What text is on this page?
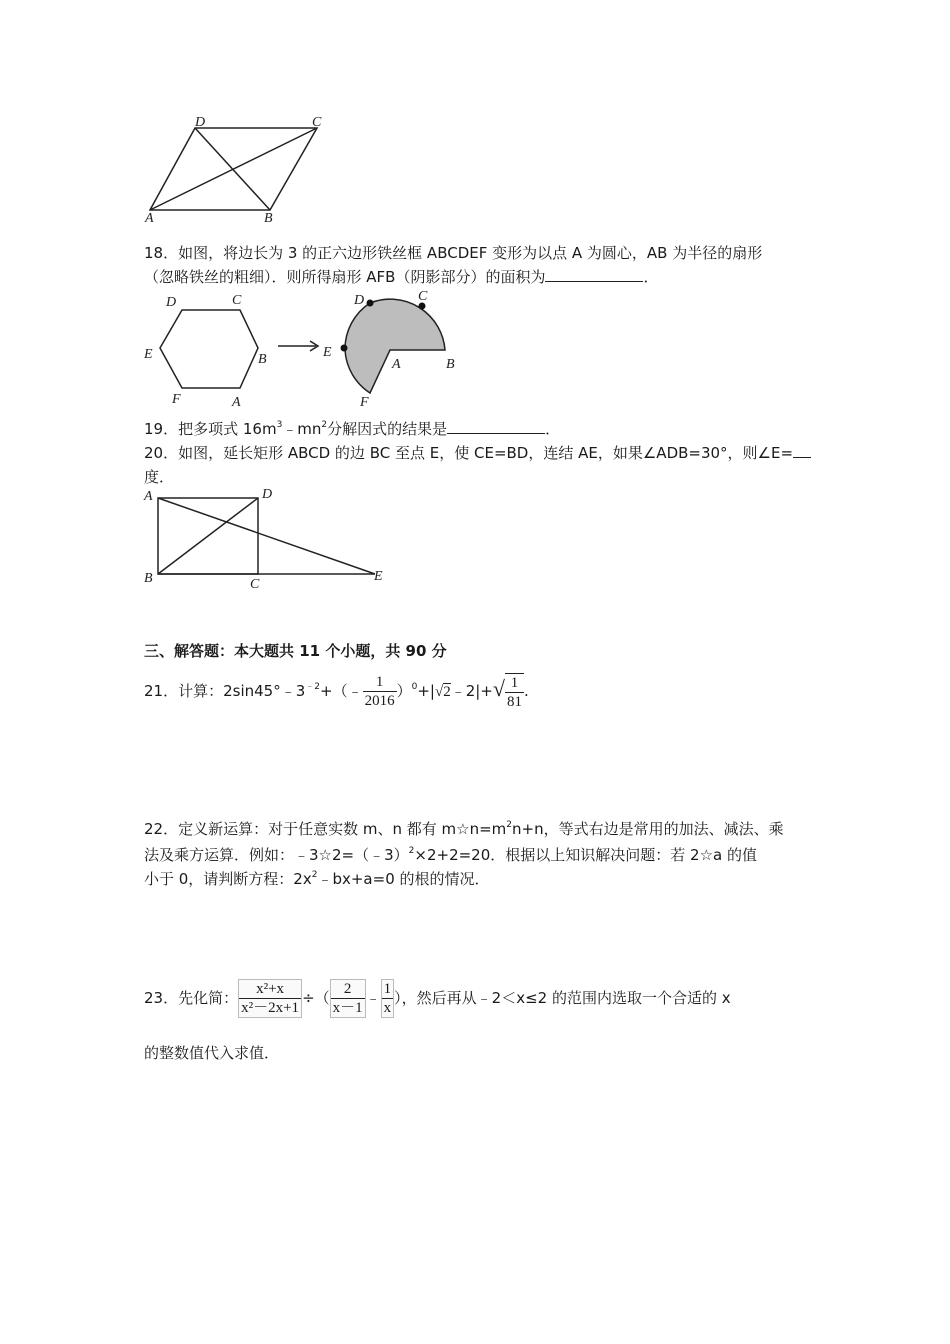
D	C
A	B
18．如图，将边长为 3 的正六边形铁丝框 ABCDEF 变形为以点 A 为圆心，AB 为半径的扇形
（忽略铁丝的粗细）．则所得扇形 AFB（阴影部分）的面积为	．
D	C
E	B
F	A
D	C
E
A	B
F
19．把多项式 $16m^3﹣mn^2$分解因式的结果是	．
20．如图，延长矩形 ABCD 的边 BC 至点 E，使 CE=BD，连结 AE，如果∠ADB=30°，则∠E=
度．
A	D
B	C
E
三、解答题：本大题共 11 个小题，共 90 分
21．计算：$2\sin 45^\circ﹣3^{﹣2}+(﹣ \frac{1}{2016}$ ）$^0$+|√2﹣2|+√ $\frac{1}{81}$ .
22．定义新运算：对于任意实数 m、n 都有 $m☆n=m^2n+n$，等式右边是常用的加法、减法、乘
法及乘方运算．例如：﹣3☆2=（﹣3）$^2$×2+2=20．根据以上知识解决问题：若 2☆a 的值
小于 0，请判断方程：$2x^2﹣bx+a=0$ 的根的情况．
23．先化简： $\frac{\text{x²+x}}{\text{x²－2x+1}}$ ÷（ $\frac{2}{x-1}$ ﹣ $\frac{1}{x}$ ），然后再从﹣2＜x≤2 的范围内选取一个合适的 x
的整数值代入求值．
